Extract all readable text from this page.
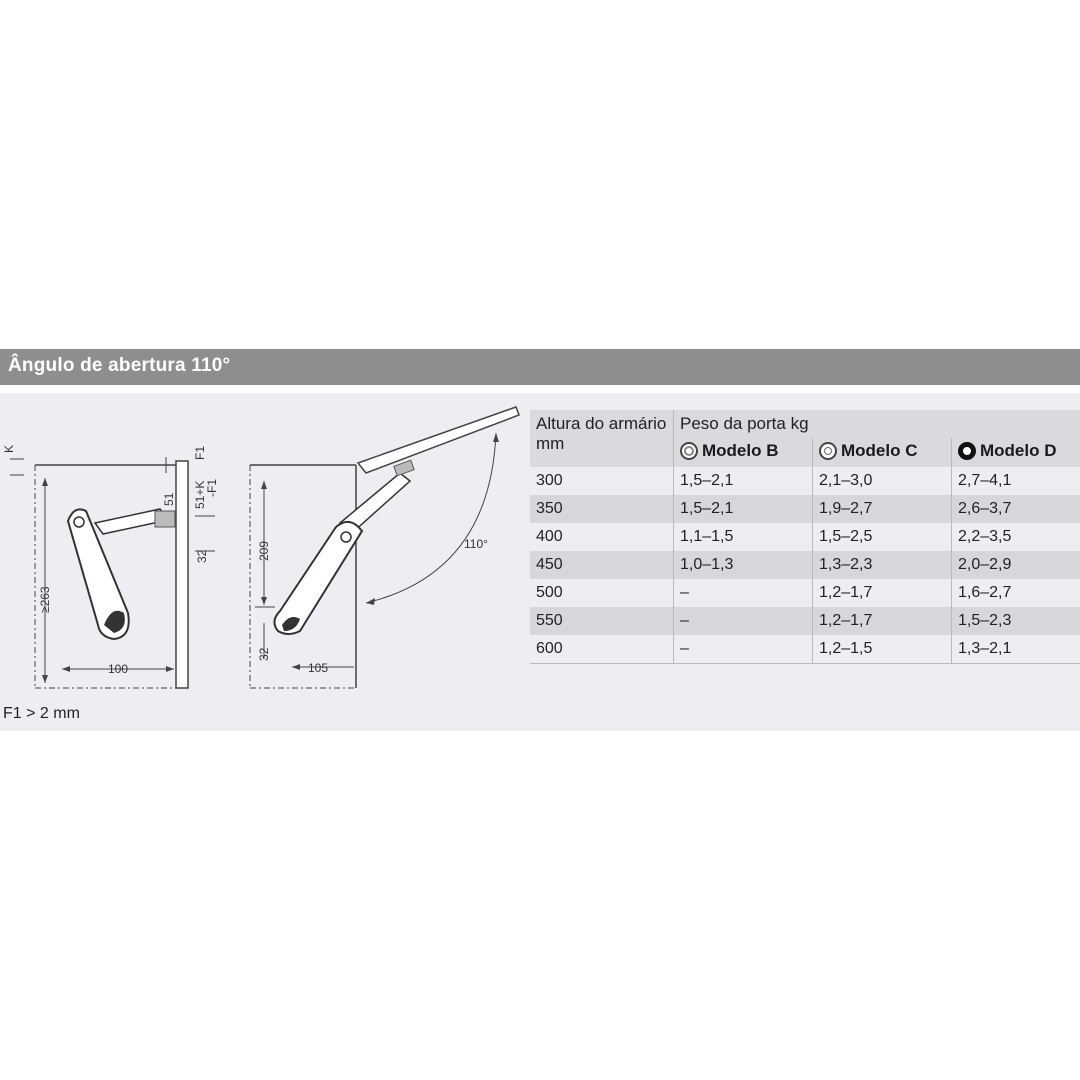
Ângulo de abertura 110°
K
≥263
100
51
32
F1
51+K
-F1
209
32
105
110°
F1 > 2 mm
Altura do armário mm	Peso da porta kg		

	Modelo B	Modelo C	Modelo D

300	1,5–2,1	2,1–3,0	2,7–4,1
350	1,5–2,1	1,9–2,7	2,6–3,7
400	1,1–1,5	1,5–2,5	2,2–3,5
450	1,0–1,3	1,3–2,3	2,0–2,9
500	–	1,2–1,7	1,6–2,7
550	–	1,2–1,7	1,5–2,3
600	–	1,2–1,5	1,3–2,1
